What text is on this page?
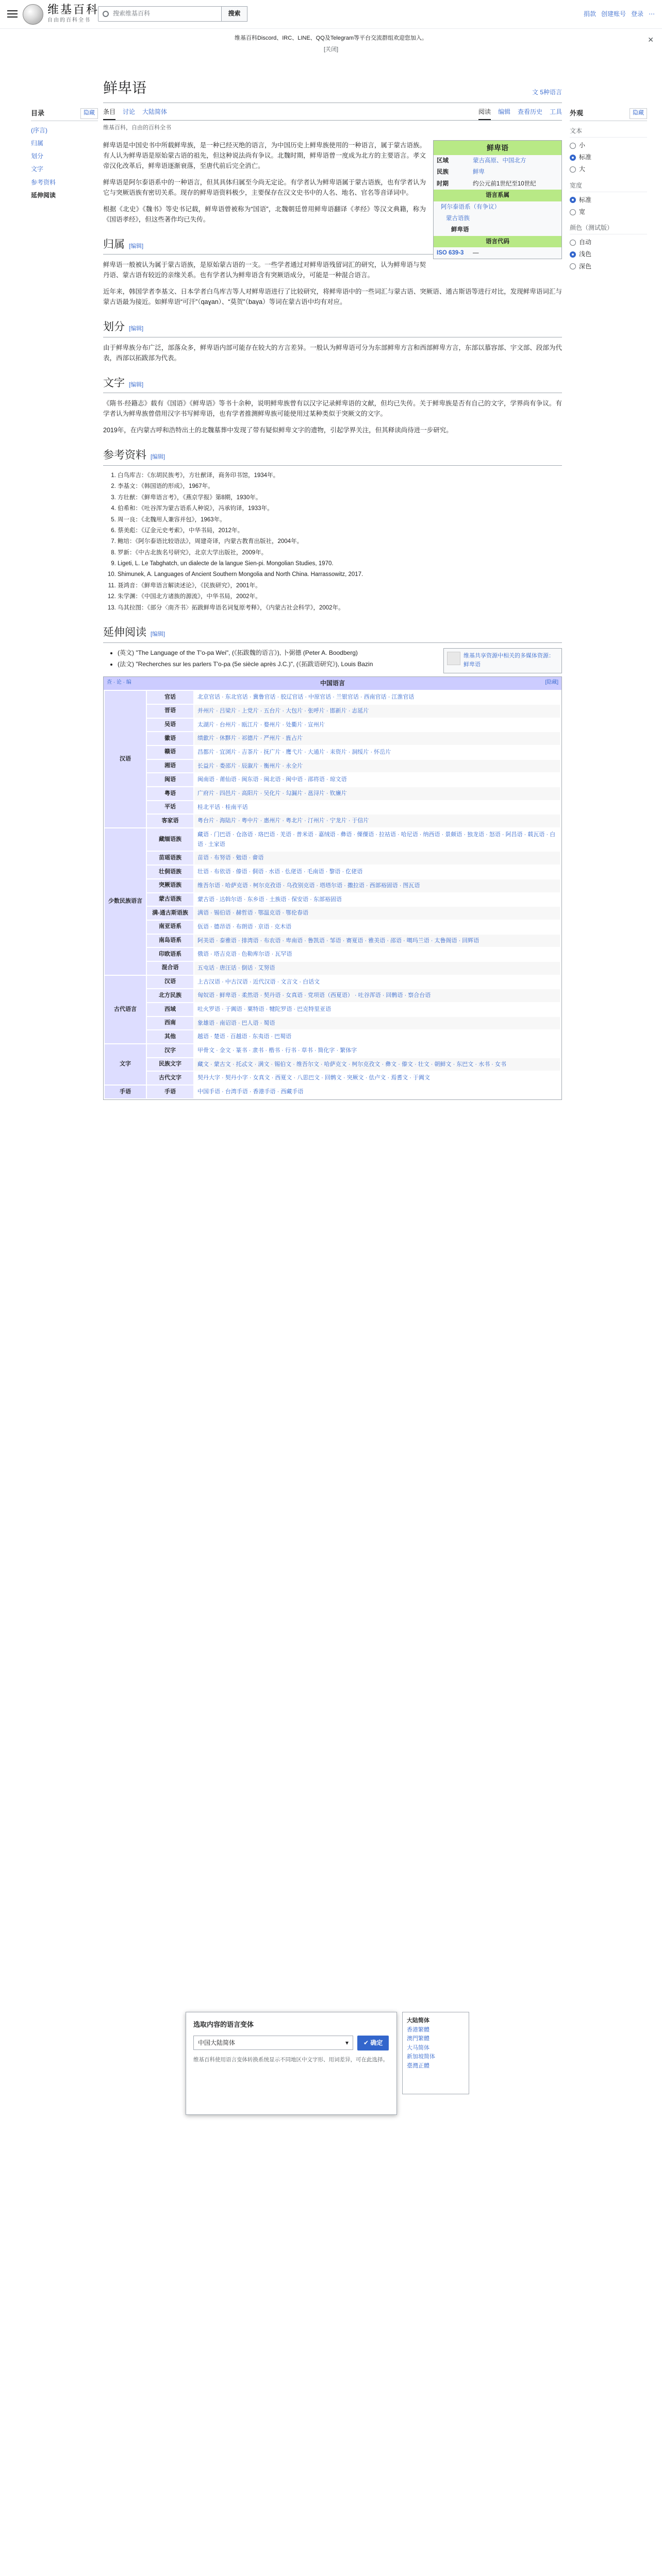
维基百科
自由的百科全书
搜索维基百科	搜索	捐款 创建账号 登录 ⋯
维基百科Discord、IRC、LINE、QQ及Telegram等平台交流群组欢迎您加入。
[关闭]
✕
目录	隐藏
(序言)
归属
划分
文字
参考资料
延伸阅读
外观	隐藏
文本
小
标准
大
宽度
标准
宽
颜色（测试版）
自动
浅色
深色
鲜卑语	文 5种语言
条目 讨论 大陆简体	阅读 编辑 查看历史 工具
维基百科，自由的百科全书
鲜卑语
区域	蒙古高原、中国北方
民族	鲜卑
时期	约公元前1世纪至10世纪
语言系属	
阿尔泰语系（有争议）	
蒙古语族	
鲜卑语	
语言代码	
ISO 639-3	—

鲜卑语是中国史书中所载鲜卑族，是一种已经灭绝的语言，为中国历史上鲜卑族使用的一种语言，属于蒙古语族。有人认为鲜卑语是原始蒙古语的祖先，但这种说法尚有争议。北魏时期，鲜卑语曾一度成为北方的主要语言。孝文帝汉化改革后，鲜卑语逐渐衰落，至唐代前后完全消亡。

鲜卑语是阿尔泰语系中的一种语言，但其具体归属至今尚无定论。有学者认为鲜卑语属于蒙古语族，也有学者认为它与突厥语族有密切关系。现存的鲜卑语资料极少，主要保存在汉文史书中的人名、地名、官名等音译词中。

根据《北史》《魏书》等史书记载，鲜卑语曾被称为“国语”，北魏朝廷曾用鲜卑语翻译《孝经》等汉文典籍，称为《国语孝经》，但这些著作均已失传。

归属 [编辑]

鲜卑语一般被认为属于蒙古语族，是原始蒙古语的一支。一些学者通过对鲜卑语残留词汇的研究，认为鲜卑语与契丹语、蒙古语有较近的亲缘关系。也有学者认为鲜卑语含有突厥语成分，可能是一种混合语言。

近年来，韩国学者李基文、日本学者白鸟库吉等人对鲜卑语进行了比较研究，将鲜卑语中的一些词汇与蒙古语、突厥语、通古斯语等进行对比，发现鲜卑语词汇与蒙古语最为接近。如鲜卑语“可汗”（qaɣan）、“莫贺”（baγa）等词在蒙古语中均有对应。

划分 [编辑]

由于鲜卑族分布广泛，部落众多，鲜卑语内部可能存在较大的方言差异。一般认为鲜卑语可分为东部鲜卑方言和西部鲜卑方言，东部以慕容部、宇文部、段部为代表，西部以拓跋部为代表。

文字 [编辑]

《隋书·经籍志》载有《国语》《鲜卑语》等书十余种，说明鲜卑族曾有以汉字记录鲜卑语的文献，但均已失传。关于鲜卑族是否有自己的文字，学界尚有争议。有学者认为鲜卑族曾借用汉字书写鲜卑语，也有学者推测鲜卑族可能使用过某种类似于突厥文的文字。

2019年，在内蒙古呼和浩特出土的北魏墓葬中发现了带有疑似鲜卑文字的遗物，引起学界关注，但其释读尚待进一步研究。

参考资料 [编辑]
1. 白鸟库吉：《东胡民族考》，方壮猷译，商务印书馆，1934年。
2. 李基文：《韩国语的形成》，1967年。
3. 方壮猷：《鲜卑语言考》，《燕京学报》第8期，1930年。
4. 伯希和：《吐谷浑为蒙古语系人种说》，冯承钧译，1933年。
5. 周一良：《北魏用人兼容并包》，1963年。
6. 蔡美彪：《辽金元史考索》，中华书局，2012年。
7. 鲍培：《阿尔泰语比较语法》，周建奇译，内蒙古教育出版社，2004年。
8. 罗新：《中古北族名号研究》，北京大学出版社，2009年。
9. Ligeti, L. Le Tabghatch, un dialecte de la langue Sien-pi. Mongolian Studies, 1970.
10. Shimunek, A. Languages of Ancient Southern Mongolia and North China. Harrassowitz, 2017.
11. 聂鸿音：《鲜卑语言解读述论》，《民族研究》，2001年。
12. 朱学渊：《中国北方诸族的源流》，中华书局，2002年。
13. 乌其拉图：《部分〈南齐书〉拓跋鲜卑语名词复原考释》，《内蒙古社会科学》，2002年。
延伸阅读 [编辑]
维基共享资源中相关的多媒体资源：鲜卑语
• (英文) "The Language of the T'o-pa Wei", (《拓跋魏的语言》), 卜弼德 (Peter A. Boodberg)
• (法文) "Recherches sur les parlers T'o-pa (5e siècle après J.C.)", (《拓跋语研究》), Louis Bazin
查 · 论 · 编	中国语言	[隐藏]
汉语	官话	北京官话 · 东北官话 · 冀鲁官话 · 胶辽官话 · 中原官话 · 兰银官话 · 西南官话 · 江淮官话
	晋语	并州片 · 吕梁片 · 上党片 · 五台片 · 大包片 · 张呼片 · 邯新片 · 志延片
	吴语	太湖片 · 台州片 · 瓯江片 · 婺州片 · 处衢片 · 宣州片
	徽语	绩歙片 · 休黟片 · 祁德片 · 严州片 · 旌占片
	赣语	昌都片 · 宜浏片 · 吉茶片 · 抚广片 · 鹰弋片 · 大通片 · 耒资片 · 洞绥片 · 怀岳片
	湘语	长益片 · 娄邵片 · 辰溆片 · 衡州片 · 永全片
	闽语	闽南语 · 莆仙语 · 闽东语 · 闽北语 · 闽中语 · 邵将语 · 琼文语
	粤语	广府片 · 四邑片 · 高阳片 · 吴化片 · 勾漏片 · 邕浔片 · 钦廉片
	平话	桂北平话 · 桂南平话
	客家语	粤台片 · 海陆片 · 粤中片 · 惠州片 · 粤北片 · 汀州片 · 宁龙片 · 于信片
少数民族语言	藏缅语族	藏语 · 门巴语 · 仓洛语 · 珞巴语 · 羌语 · 普米语 · 嘉绒语 · 彝语 · 傈僳语 · 拉祜语 · 哈尼语 · 纳西语 · 景颇语 · 独龙语 · 怒语 · 阿昌语 · 载瓦语 · 白语 · 土家语
	苗瑶语族	苗语 · 布努语 · 勉语 · 畲语
	壮侗语族	壮语 · 布依语 · 傣语 · 侗语 · 水语 · 仫佬语 · 毛南语 · 黎语 · 仡佬语
	突厥语族	维吾尔语 · 哈萨克语 · 柯尔克孜语 · 乌孜别克语 · 塔塔尔语 · 撒拉语 · 西部裕固语 · 图瓦语
	蒙古语族	蒙古语 · 达斡尔语 · 东乡语 · 土族语 · 保安语 · 东部裕固语
	满-通古斯语族	满语 · 锡伯语 · 赫哲语 · 鄂温克语 · 鄂伦春语
	南亚语系	佤语 · 德昂语 · 布朗语 · 京语 · 克木语
	南岛语系	阿美语 · 泰雅语 · 排湾语 · 布农语 · 卑南语 · 鲁凯语 · 邹语 · 赛夏语 · 雅美语 · 邵语 · 噶玛兰语 · 太鲁阁语 · 回辉语
	印欧语系	俄语 · 塔吉克语 · 色勒库尔语 · 瓦罕语
	混合语	五屯话 · 唐汪话 · 倒话 · 艾努语
古代语言	汉语	上古汉语 · 中古汉语 · 近代汉语 · 文言文 · 白话文
	北方民族	匈奴语 · 鲜卑语 · 柔然语 · 契丹语 · 女真语 · 党项语（西夏语） · 吐谷浑语 · 回鹘语 · 察合台语
	西域	吐火罗语 · 于阗语 · 粟特语 · 犍陀罗语 · 巴克特里亚语
	西南	象雄语 · 南诏语 · 巴人语 · 蜀语
	其他	越语 · 楚语 · 百越语 · 东夷语 · 巴蜀语
文字	汉字	甲骨文 · 金文 · 篆书 · 隶书 · 楷书 · 行书 · 草书 · 简化字 · 繁体字
	民族文字	藏文 · 蒙古文 · 托忒文 · 满文 · 锡伯文 · 维吾尔文 · 哈萨克文 · 柯尔克孜文 · 彝文 · 傣文 · 壮文 · 朝鲜文 · 东巴文 · 水书 · 女书
	古代文字	契丹大字 · 契丹小字 · 女真文 · 西夏文 · 八思巴文 · 回鹘文 · 突厥文 · 佉卢文 · 焉耆文 · 于阗文
手语	手语	中国手语 · 台湾手语 · 香港手语 · 西藏手语
选取内容的语言变体
中国大陆简体	▾	✔ 确定
维基百科使用语言变体转换系统显示不同地区中文字形、用词差异，可在此选择。
大陆简体
香港繁體
澳門繁體
大马简体
新加坡简体
臺灣正體
